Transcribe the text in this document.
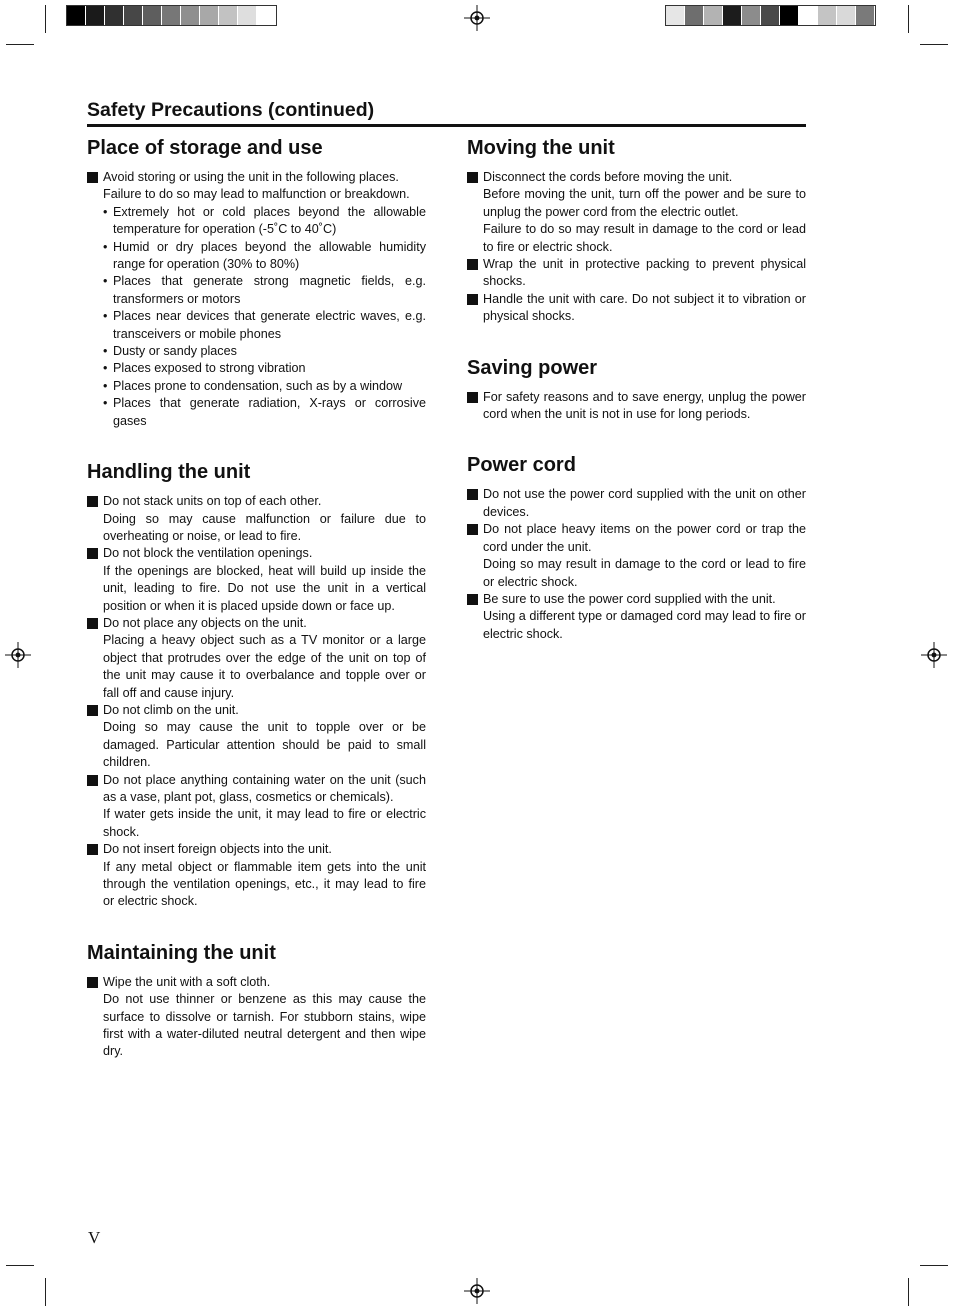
Safety Precautions (continued)
Place of storage and use

Avoid storing or using the unit in the following places.

Failure to do so may lead to malfunction or breakdown.

• Extremely hot or cold places beyond the allowable temperature for operation (-5˚C to 40˚C)
• Humid or dry places beyond the allowable humidity range for operation (30% to 80%)
• Places that generate strong magnetic fields, e.g. transformers or motors
• Places near devices that generate electric waves, e.g. transceivers or mobile phones
• Dusty or sandy places
• Places exposed to strong vibration
• Places prone to condensation, such as by a window
• Places that generate radiation, X-rays or corrosive gases
Handling the unit

Do not stack units on top of each other.

Doing so may cause malfunction or failure due to overheating or noise, or lead to fire.

Do not block the ventilation openings.

If the openings are blocked, heat will build up inside the unit, leading to fire. Do not use the unit in a vertical position or when it is placed upside down or face up.

Do not place any objects on the unit.

Placing a heavy object such as a TV monitor or a large object that protrudes over the edge of the unit on top of the unit may cause it to overbalance and topple over or fall off and cause injury.

Do not climb on the unit.

Doing so may cause the unit to topple over or be damaged. Particular attention should be paid to small children.

Do not place anything containing water on the unit (such as a vase, plant pot, glass, cosmetics or chemicals).

If water gets inside the unit, it may lead to fire or electric shock.

Do not insert foreign objects into the unit.

If any metal object or flammable item gets into the unit through the ventilation openings, etc., it may lead to fire or electric shock.

Maintaining the unit

Wipe the unit with a soft cloth.

Do not use thinner or benzene as this may cause the surface to dissolve or tarnish. For stubborn stains, wipe first with a water-diluted neutral detergent and then wipe dry.

Moving the unit

Disconnect the cords before moving the unit.

Before moving the unit, turn off the power and be sure to unplug the power cord from the electric outlet.

Failure to do so may result in damage to the cord or lead to fire or electric shock.

Wrap the unit in protective packing to prevent physical shocks.

Handle the unit with care. Do not subject it to vibration or physical shocks.

Saving power

For safety reasons and to save energy, unplug the power cord when the unit is not in use for long periods.

Power cord

Do not use the power cord supplied with the unit on other devices.

Do not place heavy items on the power cord or trap the cord under the unit.

Doing so may result in damage to the cord or lead to fire or electric shock.

Be sure to use the power cord supplied with the unit.

Using a different type or damaged cord may lead to fire or electric shock.

V
